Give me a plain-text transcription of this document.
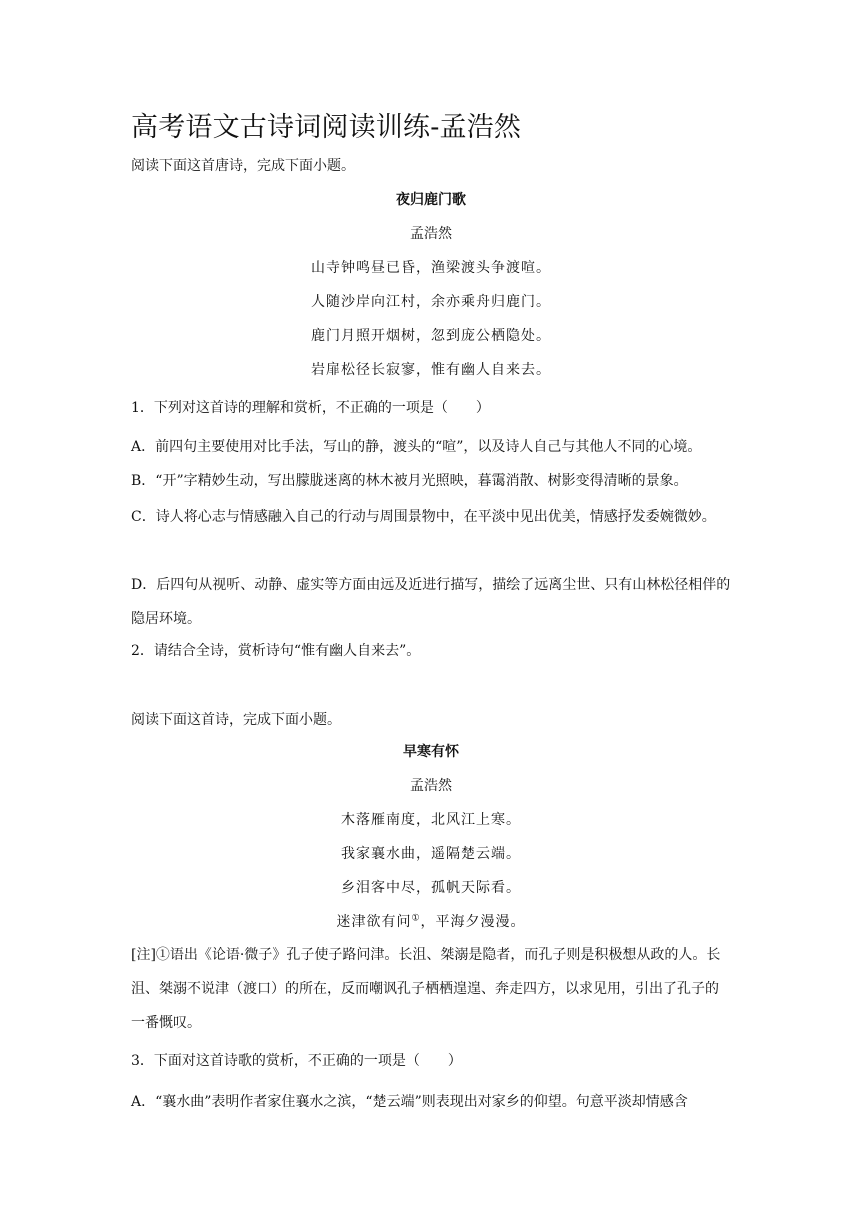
高考语文古诗词阅读训练-孟浩然
阅读下面这首唐诗，完成下面小题。
夜归鹿门歌
孟浩然
山寺钟鸣昼已昏，渔梁渡头争渡喧。
人随沙岸向江村，余亦乘舟归鹿门。
鹿门月照开烟树，忽到庞公栖隐处。
岩扉松径长寂寥，惟有幽人自来去。
1．下列对这首诗的理解和赏析，不正确的一项是（　　）
A．前四句主要使用对比手法，写山的静，渡头的“喧”，以及诗人自己与其他人不同的心境。
B．“开”字精妙生动，写出朦胧迷离的林木被月光照映，暮霭消散、树影变得清晰的景象。
C．诗人将心志与情感融入自己的行动与周围景物中，在平淡中见出优美，情感抒发委婉微妙。
D．后四句从视听、动静、虚实等方面由远及近进行描写，描绘了远离尘世、只有山林松径相伴的隐居环境。
2．请结合全诗，赏析诗句“惟有幽人自来去”。
阅读下面这首诗，完成下面小题。
早寒有怀
孟浩然
木落雁南度，北风江上寒。
我家襄水曲，遥隔楚云端。
乡泪客中尽，孤帆天际看。
迷津欲有问①，平海夕漫漫。
[注]①语出《论语·微子》孔子使子路问津。长沮、桀溺是隐者，而孔子则是积极想从政的人。长沮、桀溺不说津（渡口）的所在，反而嘲讽孔子栖栖遑遑、奔走四方，以求见用，引出了孔子的一番慨叹。
3．下面对这首诗歌的赏析，不正确的一项是（　　）
A．“襄水曲”表明作者家住襄水之滨，“楚云端”则表现出对家乡的仰望。句意平淡却情感含
